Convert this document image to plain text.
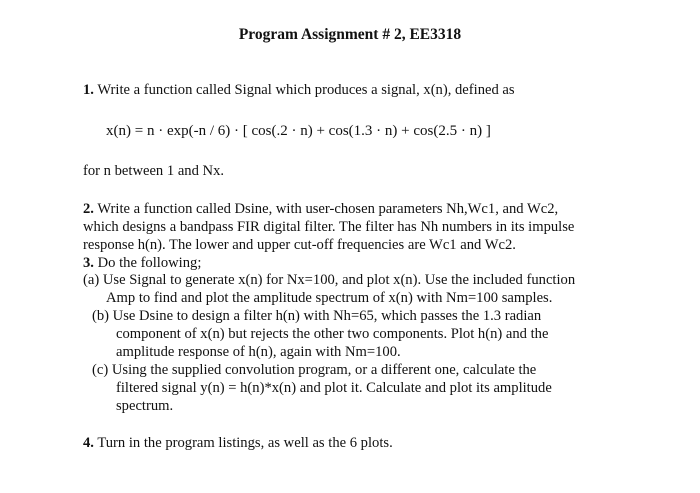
Program Assignment # 2, EE3318
1. Write a function called Signal which produces a signal, x(n), defined as
x(n) = n · exp(-n / 6) · [ cos(.2 · n) + cos(1.3 · n) + cos(2.5 · n) ]
for n between 1 and Nx.
2. Write a function called Dsine, with user-chosen parameters Nh,Wc1, and Wc2,
which designs a bandpass FIR digital filter. The filter has Nh numbers in its impulse
response h(n). The lower and upper cut-off frequencies are Wc1 and Wc2.
3. Do the following;
(a) Use Signal to generate x(n) for Nx=100, and plot x(n). Use the included function
Amp to find and plot the amplitude spectrum of x(n) with Nm=100 samples.
(b) Use Dsine to design a filter h(n) with Nh=65, which passes the 1.3 radian
component of x(n) but rejects the other two components. Plot h(n) and the
amplitude response of h(n), again with Nm=100.
(c) Using the supplied convolution program, or a different one, calculate the
filtered signal y(n) = h(n)*x(n) and plot it. Calculate and plot its amplitude
spectrum.
4. Turn in the program listings, as well as the 6 plots.
